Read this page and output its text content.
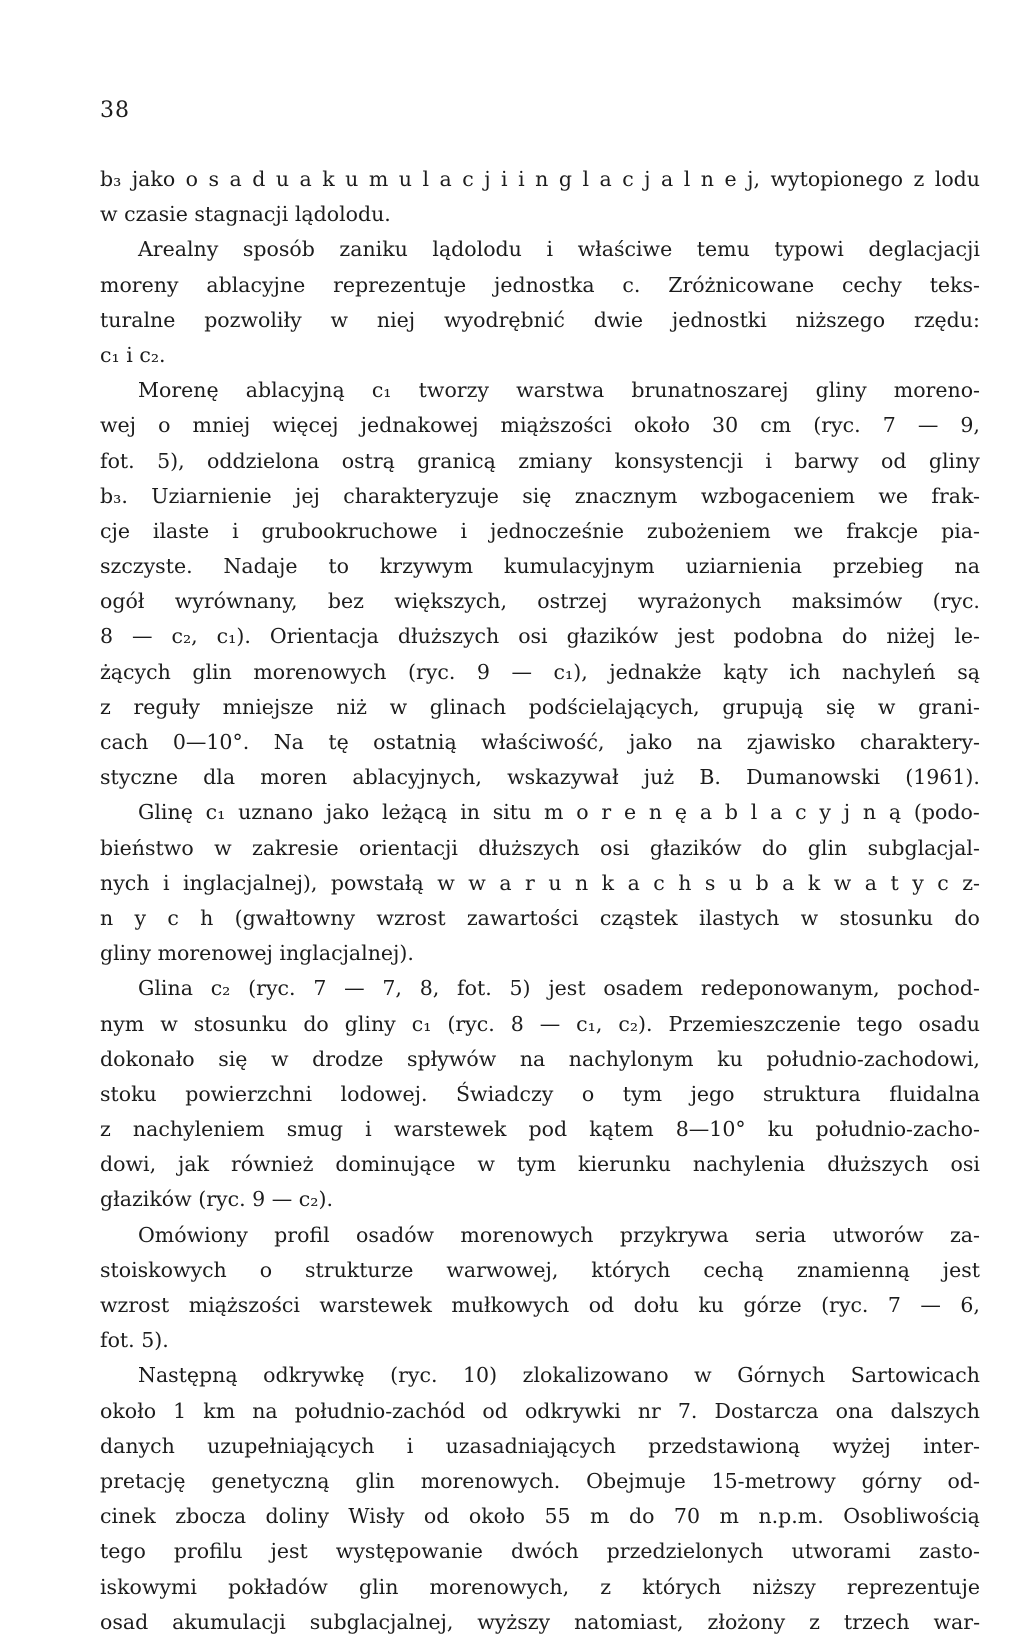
38
b₃ jako o s a d u a k u m u l a c j i i n g l a c j a l n e j, wytopionego z lodu
w czasie stagnacji lądolodu.
Arealny sposób zaniku lądolodu i właściwe temu typowi deglacjacji
moreny ablacyjne reprezentuje jednostka c. Zróżnicowane cechy teks-
turalne pozwoliły w niej wyodrębnić dwie jednostki niższego rzędu:
c₁ i c₂.
Morenę ablacyjną c₁ tworzy warstwa brunatnoszarej gliny moreno-
wej o mniej więcej jednakowej miąższości około 30 cm (ryc. 7 — 9,
fot. 5), oddzielona ostrą granicą zmiany konsystencji i barwy od gliny
b₃. Uziarnienie jej charakteryzuje się znacznym wzbogaceniem we frak-
cje ilaste i grubookruchowe i jednocześnie zubożeniem we frakcje pia-
szczyste. Nadaje to krzywym kumulacyjnym uziarnienia przebieg na
ogół wyrównany, bez większych, ostrzej wyrażonych maksimów (ryc.
8 — c₂, c₁). Orientacja dłuższych osi głazików jest podobna do niżej le-
żących glin morenowych (ryc. 9 — c₁), jednakże kąty ich nachyleń są
z reguły mniejsze niż w glinach podścielających, grupują się w grani-
cach 0—10°. Na tę ostatnią właściwość, jako na zjawisko charaktery-
styczne dla moren ablacyjnych, wskazywał już B. Dumanowski (1961).
Glinę c₁ uznano jako leżącą in situ m o r e n ę a b l a c y j n ą (podo-
bieństwo w zakresie orientacji dłuższych osi głazików do glin subglacjal-
nych i inglacjalnej), powstałą w w a r u n k a c h s u b a k w a t y c z-
n y c h (gwałtowny wzrost zawartości cząstek ilastych w stosunku do
gliny morenowej inglacjalnej).
Glina c₂ (ryc. 7 — 7, 8, fot. 5) jest osadem redeponowanym, pochod-
nym w stosunku do gliny c₁ (ryc. 8 — c₁, c₂). Przemieszczenie tego osadu
dokonało się w drodze spływów na nachylonym ku południo-zachodowi,
stoku powierzchni lodowej. Świadczy o tym jego struktura fluidalna
z nachyleniem smug i warstewek pod kątem 8—10° ku południo-zacho-
dowi, jak również dominujące w tym kierunku nachylenia dłuższych osi
głazików (ryc. 9 — c₂).
Omówiony profil osadów morenowych przykrywa seria utworów za-
stoiskowych o strukturze warwowej, których cechą znamienną jest
wzrost miąższości warstewek mułkowych od dołu ku górze (ryc. 7 — 6,
fot. 5).
Następną odkrywkę (ryc. 10) zlokalizowano w Górnych Sartowicach
około 1 km na południo-zachód od odkrywki nr 7. Dostarcza ona dalszych
danych uzupełniających i uzasadniających przedstawioną wyżej inter-
pretację genetyczną glin morenowych. Obejmuje 15-metrowy górny od-
cinek zbocza doliny Wisły od około 55 m do 70 m n.p.m. Osobliwością
tego profilu jest występowanie dwóch przedzielonych utworami zasto-
iskowymi pokładów glin morenowych, z których niższy reprezentuje
osad akumulacji subglacjalnej, wyższy natomiast, złożony z trzech war-
